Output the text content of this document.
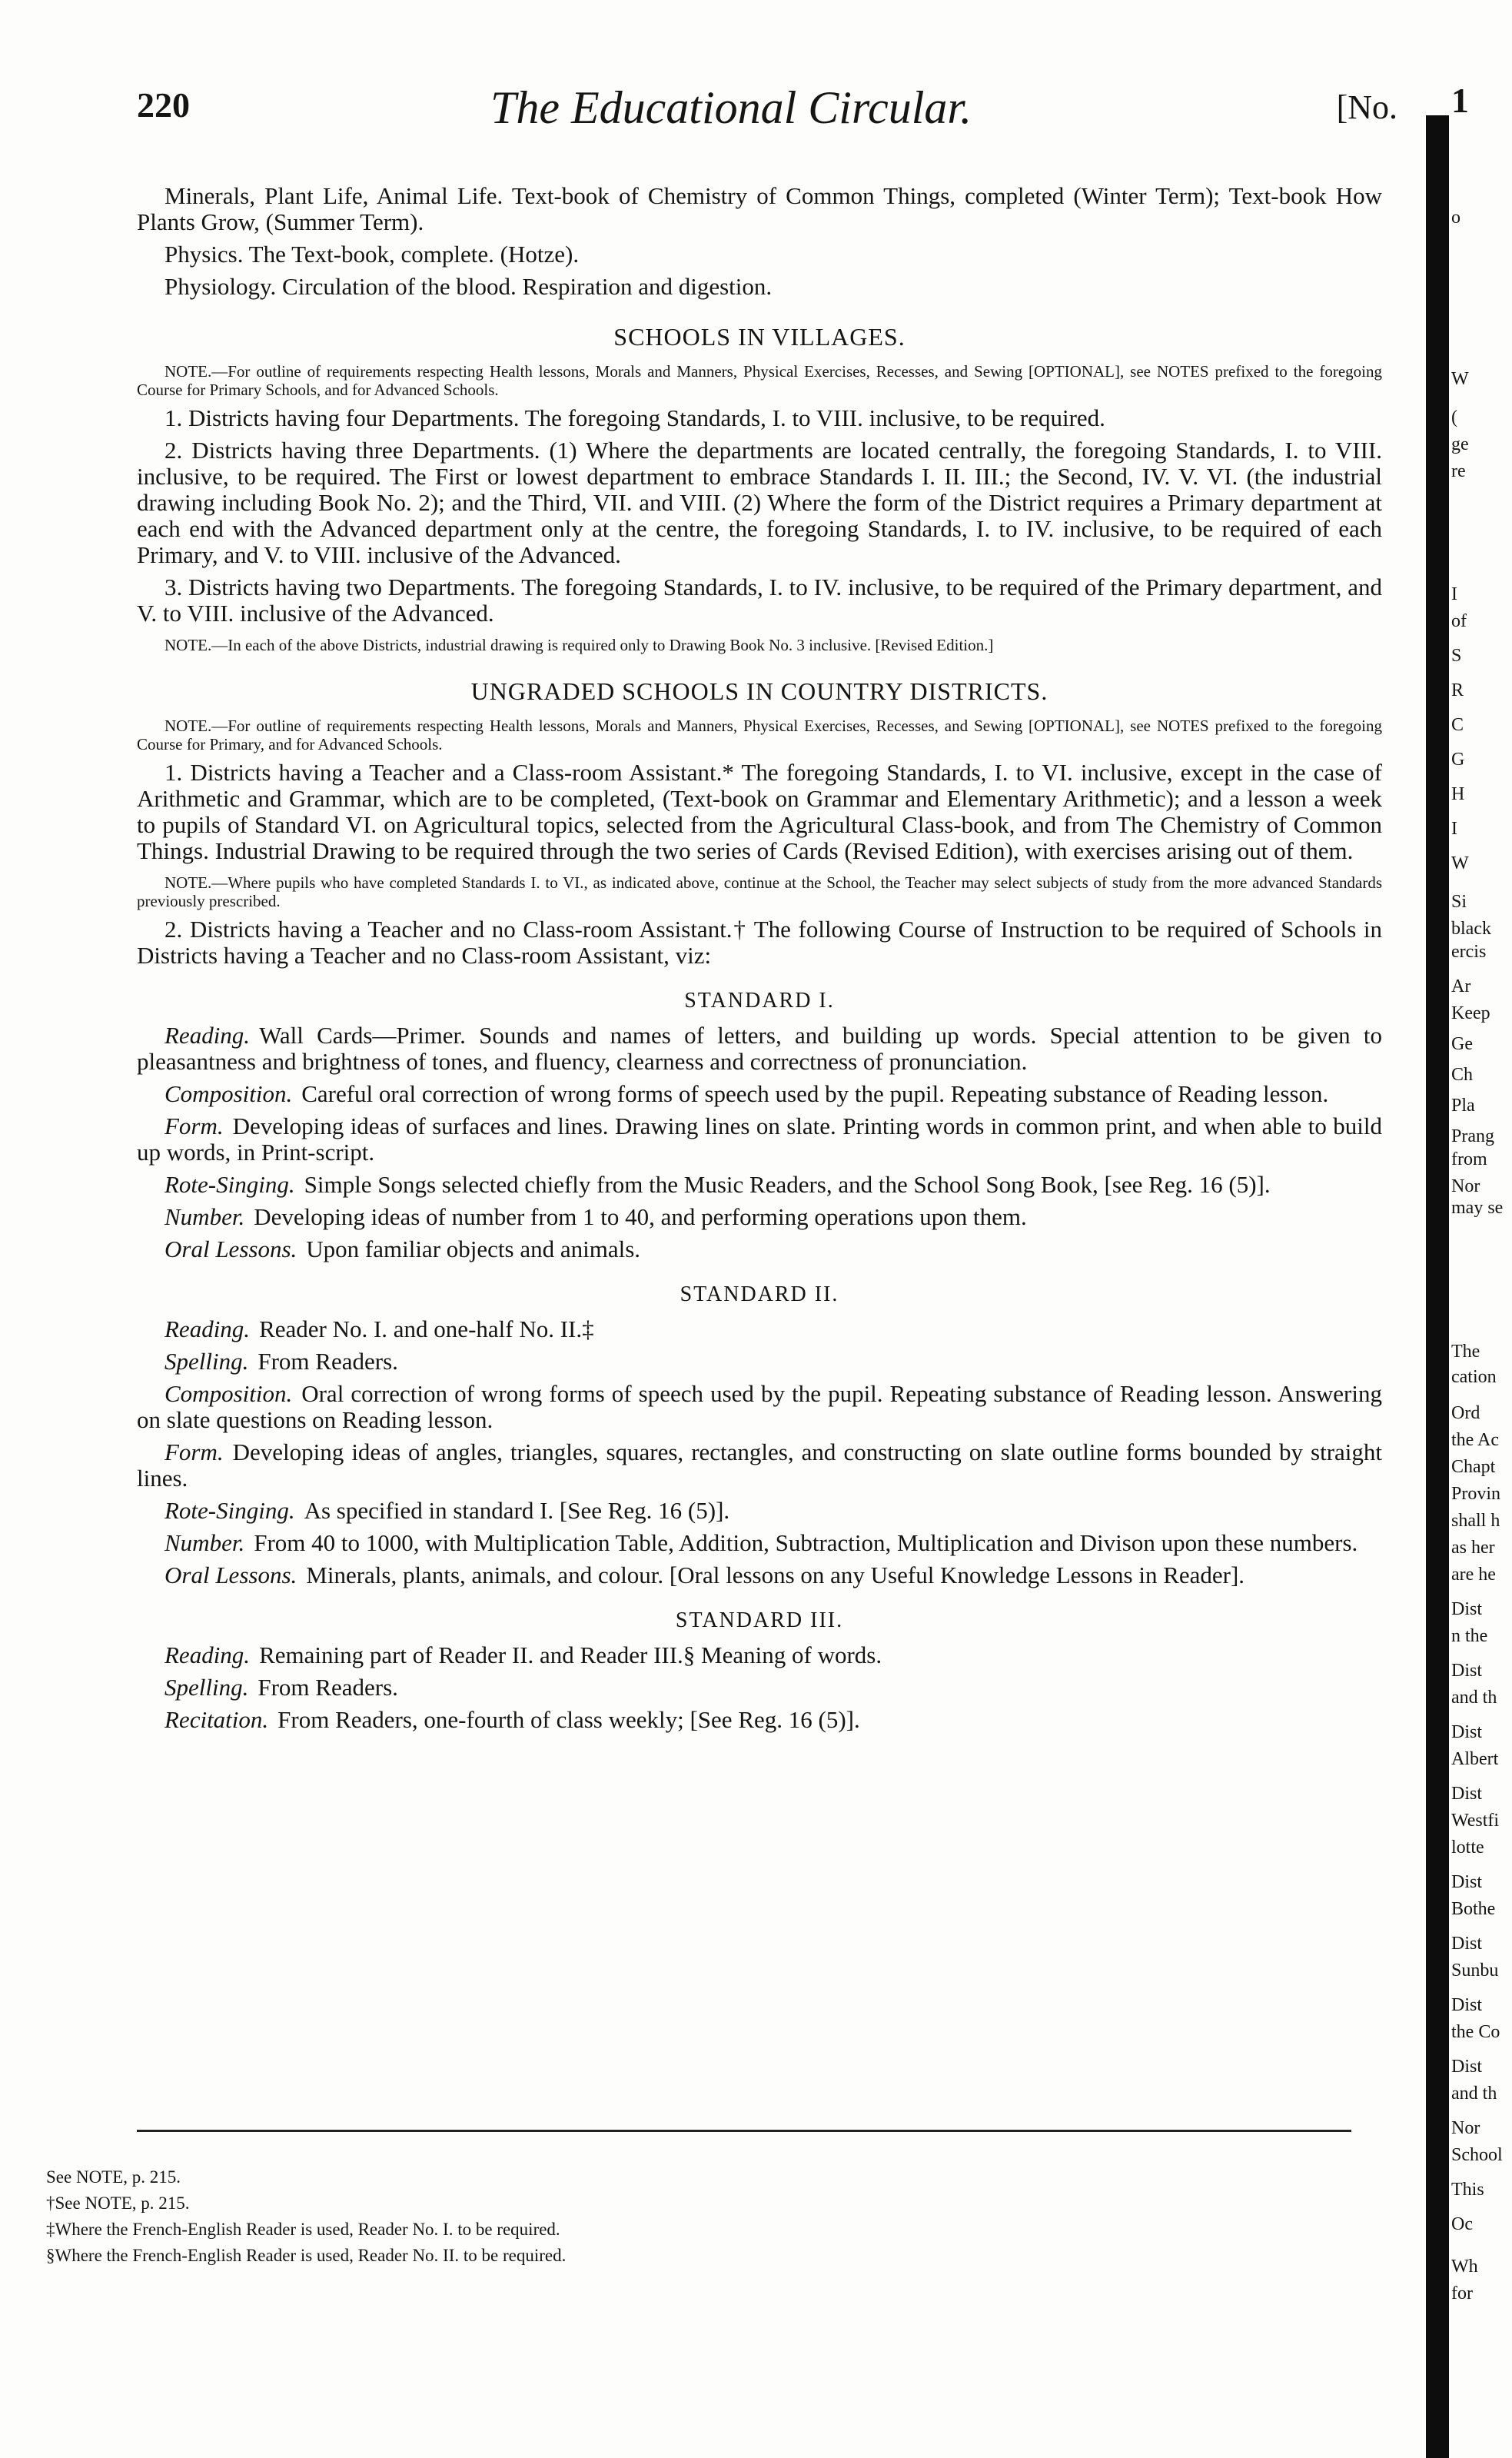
220	The Educational Circular.	[No.

Minerals, Plant Life, Animal Life. Text-book of Chemistry of Common Things, completed (Winter Term); Text-book How Plants Grow, (Summer Term).

Physics. The Text-book, complete. (Hotze).

Physiology. Circulation of the blood. Respiration and digestion.

SCHOOLS IN VILLAGES.

NOTE.—For outline of requirements respecting Health lessons, Morals and Manners, Physical Exercises, Recesses, and Sewing [OPTIONAL], see NOTES prefixed to the foregoing Course for Primary Schools, and for Advanced Schools.

1. Districts having four Departments. The foregoing Standards, I. to VIII. inclusive, to be required.

2. Districts having three Departments. (1) Where the departments are located centrally, the foregoing Standards, I. to VIII. inclusive, to be required. The First or lowest department to embrace Standards I. II. III.; the Second, IV. V. VI. (the industrial drawing including Book No. 2); and the Third, VII. and VIII. (2) Where the form of the District requires a Primary department at each end with the Advanced department only at the centre, the foregoing Standards, I. to IV. inclusive, to be required of each Primary, and V. to VIII. inclusive of the Advanced.

3. Districts having two Departments. The foregoing Standards, I. to IV. inclusive, to be required of the Primary department, and V. to VIII. inclusive of the Advanced.

NOTE.—In each of the above Districts, industrial drawing is required only to Drawing Book No. 3 inclusive. [Revised Edition.]

UNGRADED SCHOOLS IN COUNTRY DISTRICTS.

NOTE.—For outline of requirements respecting Health lessons, Morals and Manners, Physical Exercises, Recesses, and Sewing [OPTIONAL], see NOTES prefixed to the foregoing Course for Primary, and for Advanced Schools.

1. Districts having a Teacher and a Class-room Assistant.* The foregoing Standards, I. to VI. inclusive, except in the case of Arithmetic and Grammar, which are to be completed, (Text-book on Grammar and Elementary Arithmetic); and a lesson a week to pupils of Standard VI. on Agricultural topics, selected from the Agricultural Class-book, and from The Chemistry of Common Things. Industrial Drawing to be required through the two series of Cards (Revised Edition), with exercises arising out of them.

NOTE.—Where pupils who have completed Standards I. to VI., as indicated above, continue at the School, the Teacher may select subjects of study from the more advanced Standards previously prescribed.

2. Districts having a Teacher and no Class-room Assistant.† The following Course of Instruction to be required of Schools in Districts having a Teacher and no Class-room Assistant, viz:

STANDARD I.

Reading. Wall Cards—Primer. Sounds and names of letters, and building up words. Special attention to be given to pleasantness and brightness of tones, and fluency, clearness and correctness of pronunciation.

Composition. Careful oral correction of wrong forms of speech used by the pupil. Repeating substance of Reading lesson.

Form. Developing ideas of surfaces and lines. Drawing lines on slate. Printing words in common print, and when able to build up words, in Print-script.

Rote-Singing. Simple Songs selected chiefly from the Music Readers, and the School Song Book, [see Reg. 16 (5)].

Number. Developing ideas of number from 1 to 40, and performing operations upon them.

Oral Lessons. Upon familiar objects and animals.

STANDARD II.

Reading. Reader No. I. and one-half No. II.‡

Spelling. From Readers.

Composition. Oral correction of wrong forms of speech used by the pupil. Repeating substance of Reading lesson. Answering on slate questions on Reading lesson.

Form. Developing ideas of angles, triangles, squares, rectangles, and constructing on slate outline forms bounded by straight lines.

Rote-Singing. As specified in standard I. [See Reg. 16 (5)].

Number. From 40 to 1000, with Multiplication Table, Addition, Subtraction, Multiplication and Divison upon these numbers.

Oral Lessons. Minerals, plants, animals, and colour. [Oral lessons on any Useful Knowledge Lessons in Reader].

STANDARD III.

Reading. Remaining part of Reader II. and Reader III.§ Meaning of words.

Spelling. From Readers.

Recitation. From Readers, one-fourth of class weekly; [See Reg. 16 (5)].

See NOTE, p. 215.

†See NOTE, p. 215.

‡Where the French-English Reader is used, Reader No. I. to be required.

§Where the French-English Reader is used, Reader No. II. to be required.

1
o
W
(
ge
re
I
of
S
R
C
G
H
I
W
Si
black
ercis
Ar
Keep
Ge
Ch
Pla
Prang
from
Nor
may se
The
cation
Ord
the Ac
Chapt
Provin
shall h
as her
are he
Dist
n the
Dist
and th
Dist
Albert
Dist
Westfi
lotte
Dist
Bothe
Dist
Sunbu
Dist
the Co
Dist
and th
Nor
School
This
Oc
Wh
for
